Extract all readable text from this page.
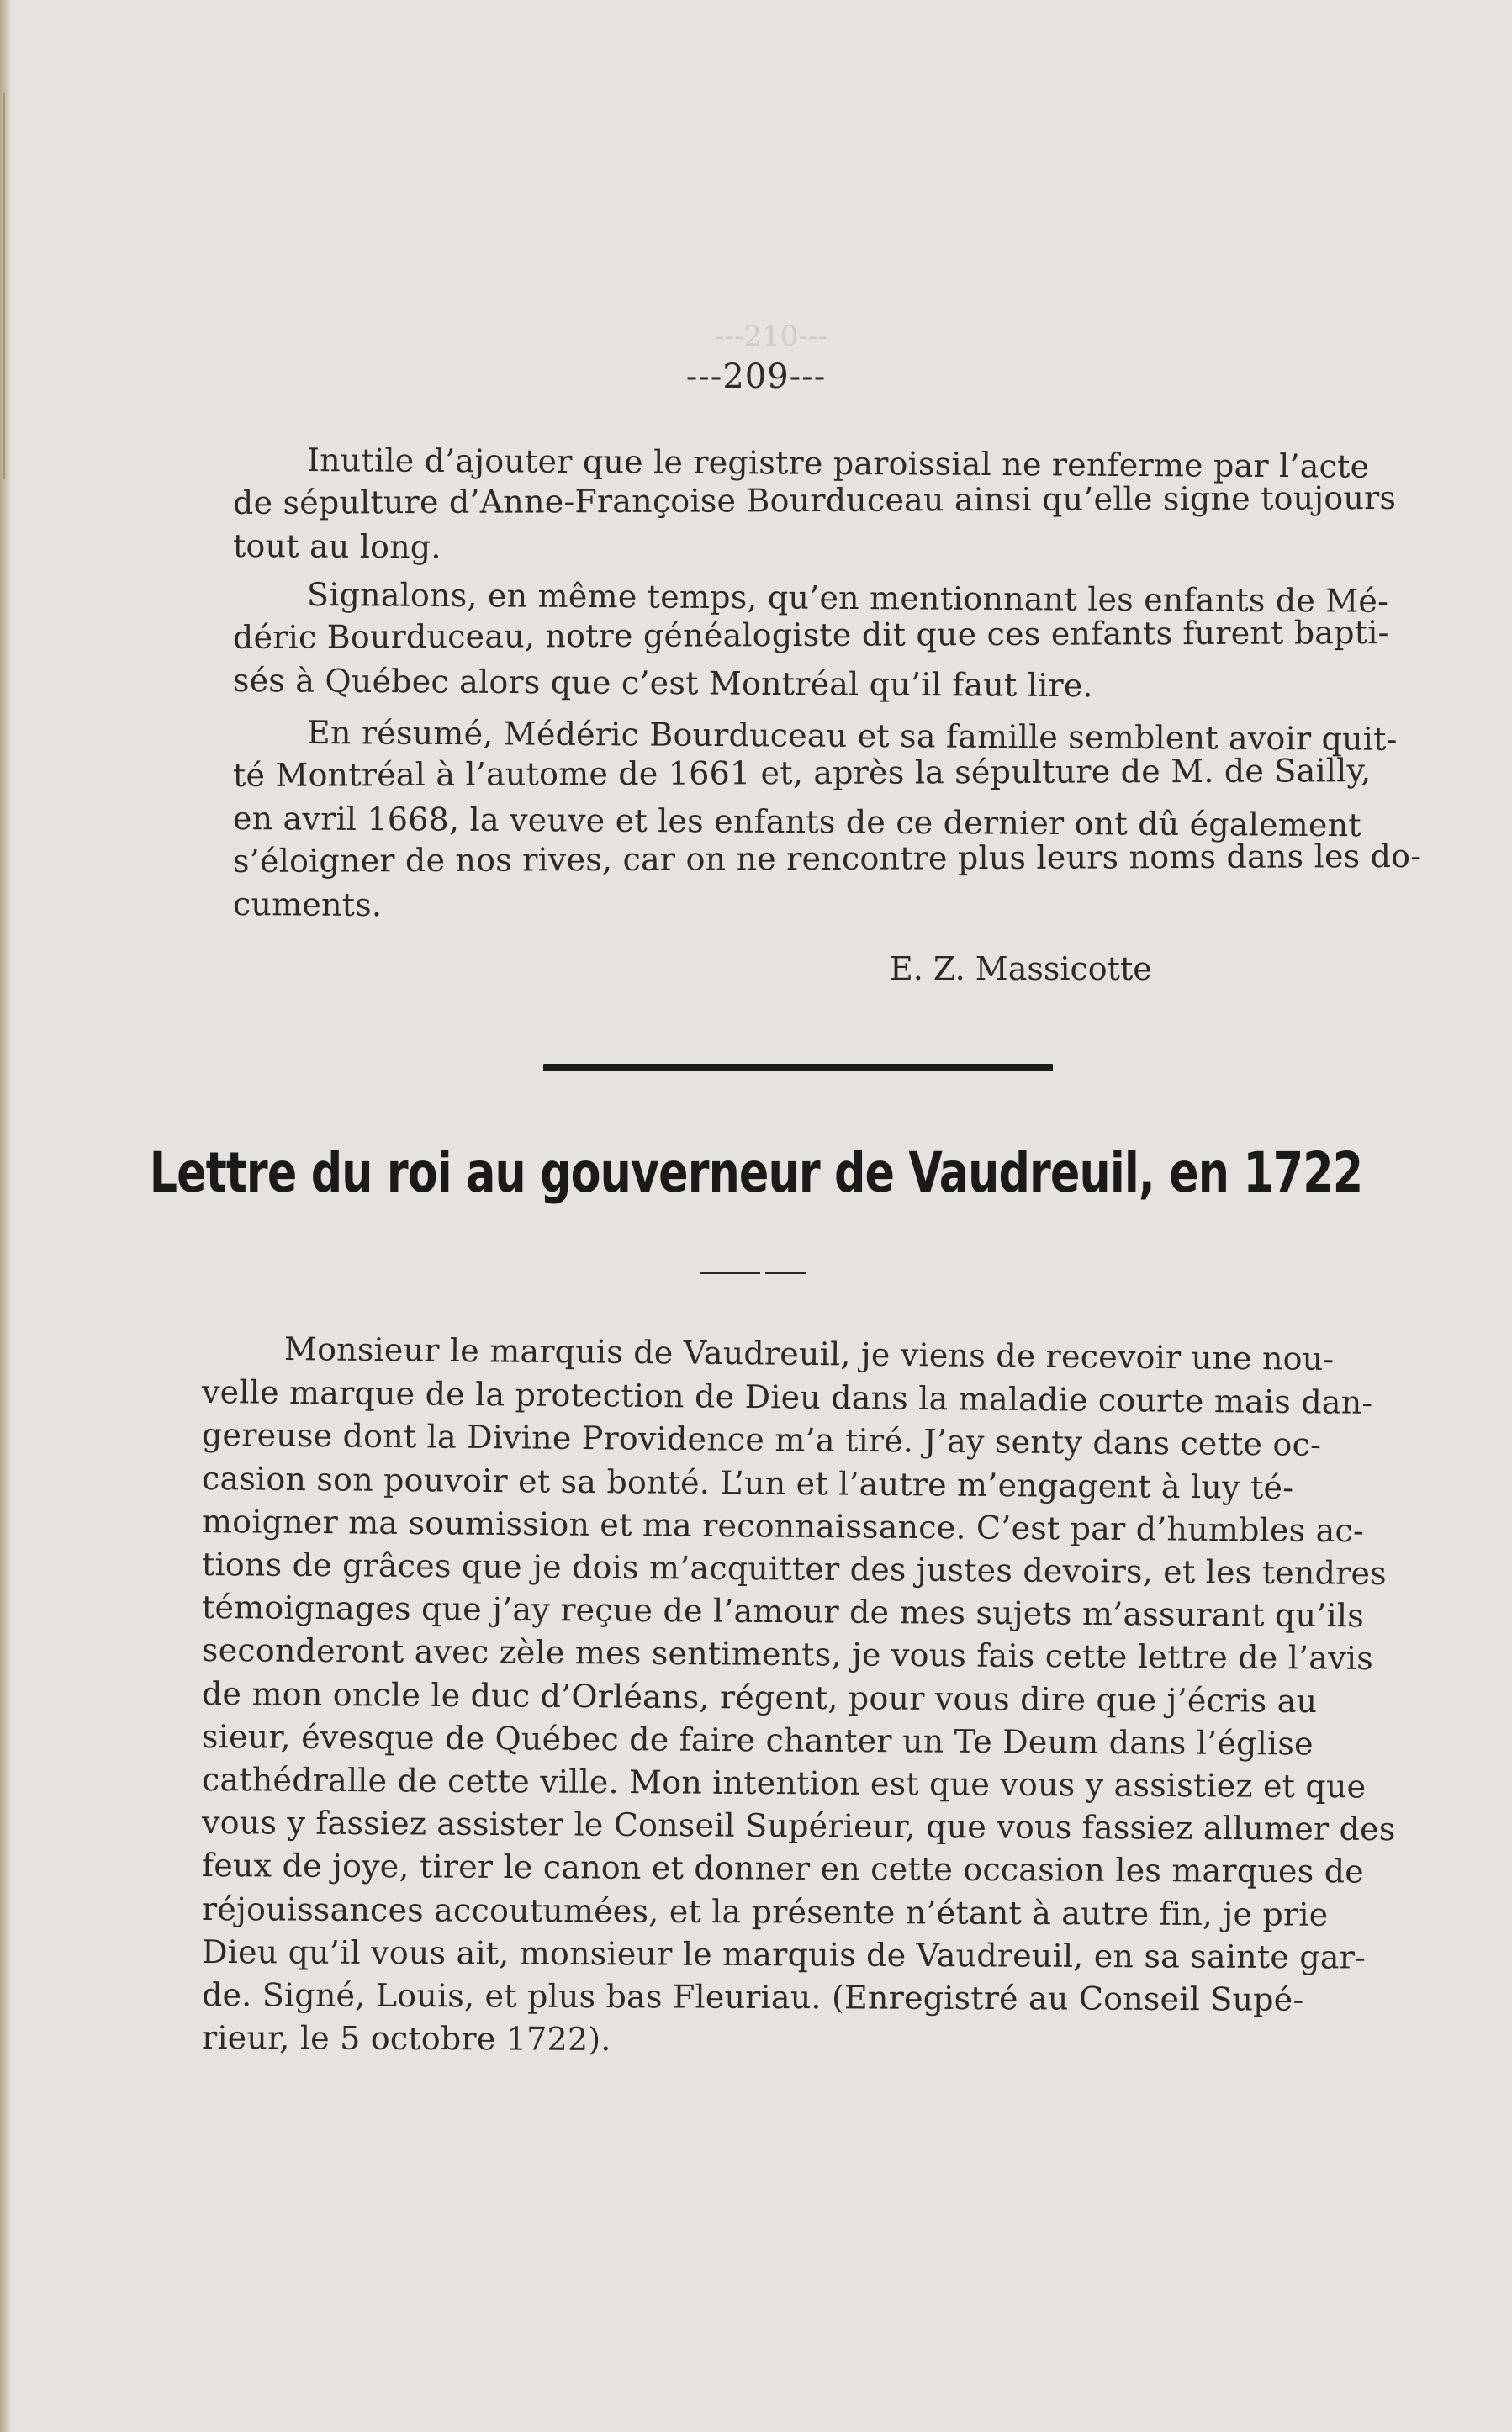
---210---
---209---
Inutile d’ajouter que le registre paroissial ne renferme par l’acte
de sépulture d’Anne-Françoise Bourduceau ainsi qu’elle signe toujours
tout au long.
Signalons, en même temps, qu’en mentionnant les enfants de Mé-
déric Bourduceau, notre généalogiste dit que ces enfants furent bapti-
sés à Québec alors que c’est Montréal qu’il faut lire.
En résumé, Médéric Bourduceau et sa famille semblent avoir quit-
té Montréal à l’autome de 1661 et, après la sépulture de M. de Sailly,
en avril 1668, la veuve et les enfants de ce dernier ont dû également
s’éloigner de nos rives, car on ne rencontre plus leurs noms dans les do-
cuments.
E. Z. Massicotte
Lettre du roi au gouverneur de Vaudreuil, en 1722
Monsieur le marquis de Vaudreuil, je viens de recevoir une nou-
velle marque de la protection de Dieu dans la maladie courte mais dan-
gereuse dont la Divine Providence m’a tiré. J’ay senty dans cette oc-
casion son pouvoir et sa bonté. L’un et l’autre m’engagent à luy té-
moigner ma soumission et ma reconnaissance. C’est par d’humbles ac-
tions de grâces que je dois m’acquitter des justes devoirs, et les tendres
témoignages que j’ay reçue de l’amour de mes sujets m’assurant qu’ils
seconderont avec zèle mes sentiments, je vous fais cette lettre de l’avis
de mon oncle le duc d’Orléans, régent, pour vous dire que j’écris au
sieur, évesque de Québec de faire chanter un Te Deum dans l’église
cathédralle de cette ville. Mon intention est que vous y assistiez et que
vous y fassiez assister le Conseil Supérieur, que vous fassiez allumer des
feux de joye, tirer le canon et donner en cette occasion les marques de
réjouissances accoutumées, et la présente n’étant à autre fin, je prie
Dieu qu’il vous ait, monsieur le marquis de Vaudreuil, en sa sainte gar-
de. Signé, Louis, et plus bas Fleuriau. (Enregistré au Conseil Supé-
rieur, le 5 octobre 1722).
